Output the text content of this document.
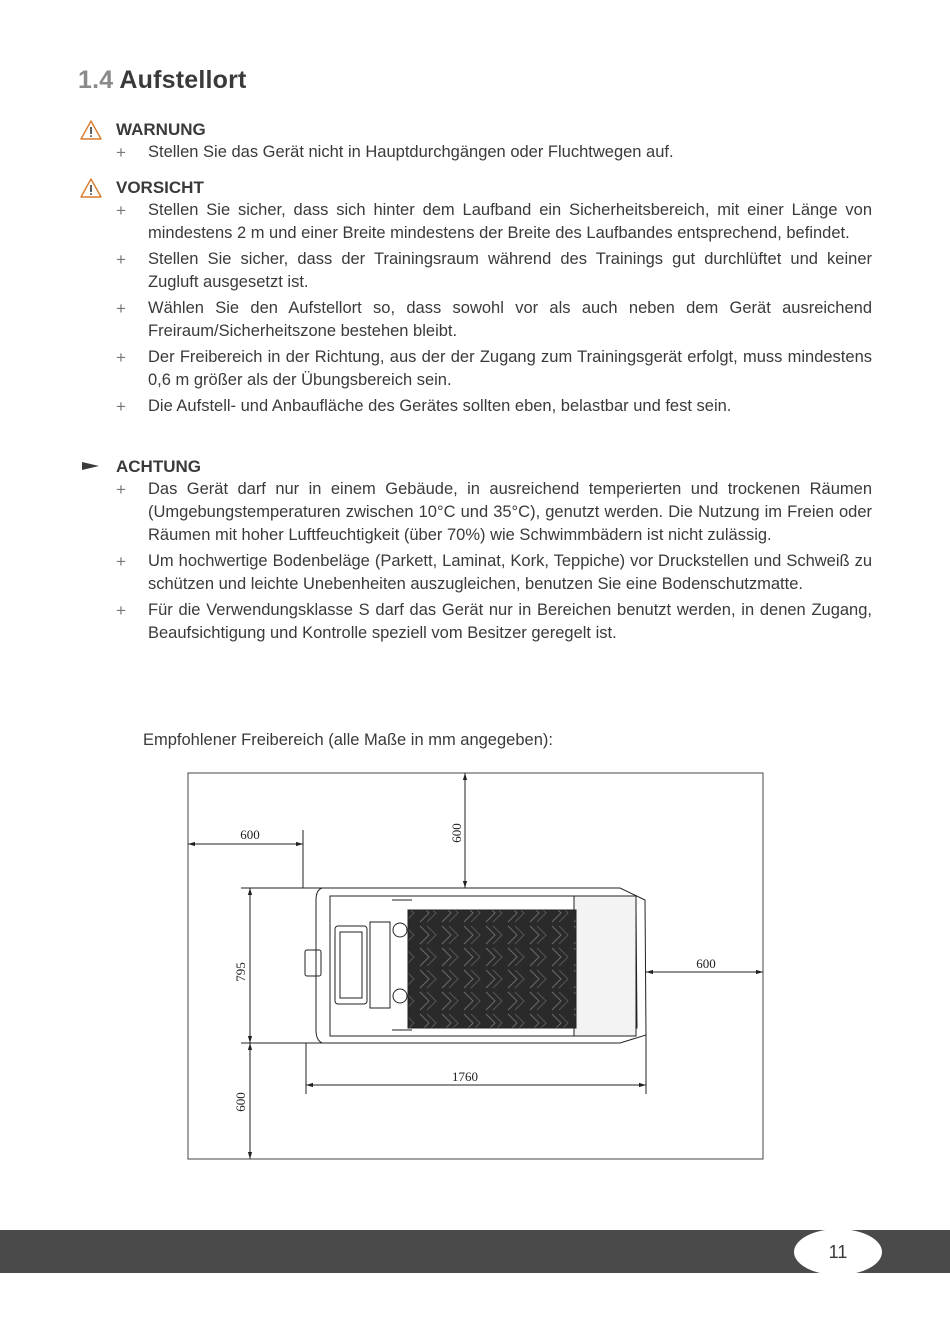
1.4 Aufstellort
WARNUNG
+ Stellen Sie das Gerät nicht in Hauptdurchgängen oder Fluchtwegen auf.
VORSICHT
+ Stellen Sie sicher, dass sich hinter dem Laufband ein Sicherheitsbereich, mit einer Länge von mindestens 2 m und einer Breite mindestens der Breite des Laufbandes entsprechend, befindet.
+ Stellen Sie sicher, dass der Trainingsraum während des Trainings gut durchlüftet und keiner Zugluft ausgesetzt ist.
+ Wählen Sie den Aufstellort so, dass sowohl vor als auch neben dem Gerät ausreichend Freiraum/Sicherheitszone bestehen bleibt.
+ Der Freibereich in der Richtung, aus der der Zugang zum Trainingsgerät erfolgt, muss mindestens 0,6 m größer als der Übungsbereich sein.
+ Die Aufstell- und Anbaufläche des Gerätes sollten eben, belastbar und fest sein.
ACHTUNG
+ Das Gerät darf nur in einem Gebäude, in ausreichend temperierten und trockenen Räumen (Umgebungstemperaturen zwischen 10°C und 35°C), genutzt werden. Die Nutzung im Freien oder Räumen mit hoher Luftfeuchtigkeit (über 70%) wie Schwimmbädern ist nicht zulässig.
+ Um hochwertige Bodenbeläge (Parkett, Laminat, Kork, Teppiche) vor Druckstellen und Schweiß zu schützen und leichte Unebenheiten auszugleichen, benutzen Sie eine Bodenschutzmatte.
+ Für die Verwendungsklasse S darf das Gerät nur in Bereichen benutzt werden, in denen Zugang, Beaufsichtigung und Kontrolle speziell vom Besitzer geregelt ist.

Empfohlener Freibereich (alle Maße in mm angegeben):

600	600
600
795
1760
600
11
